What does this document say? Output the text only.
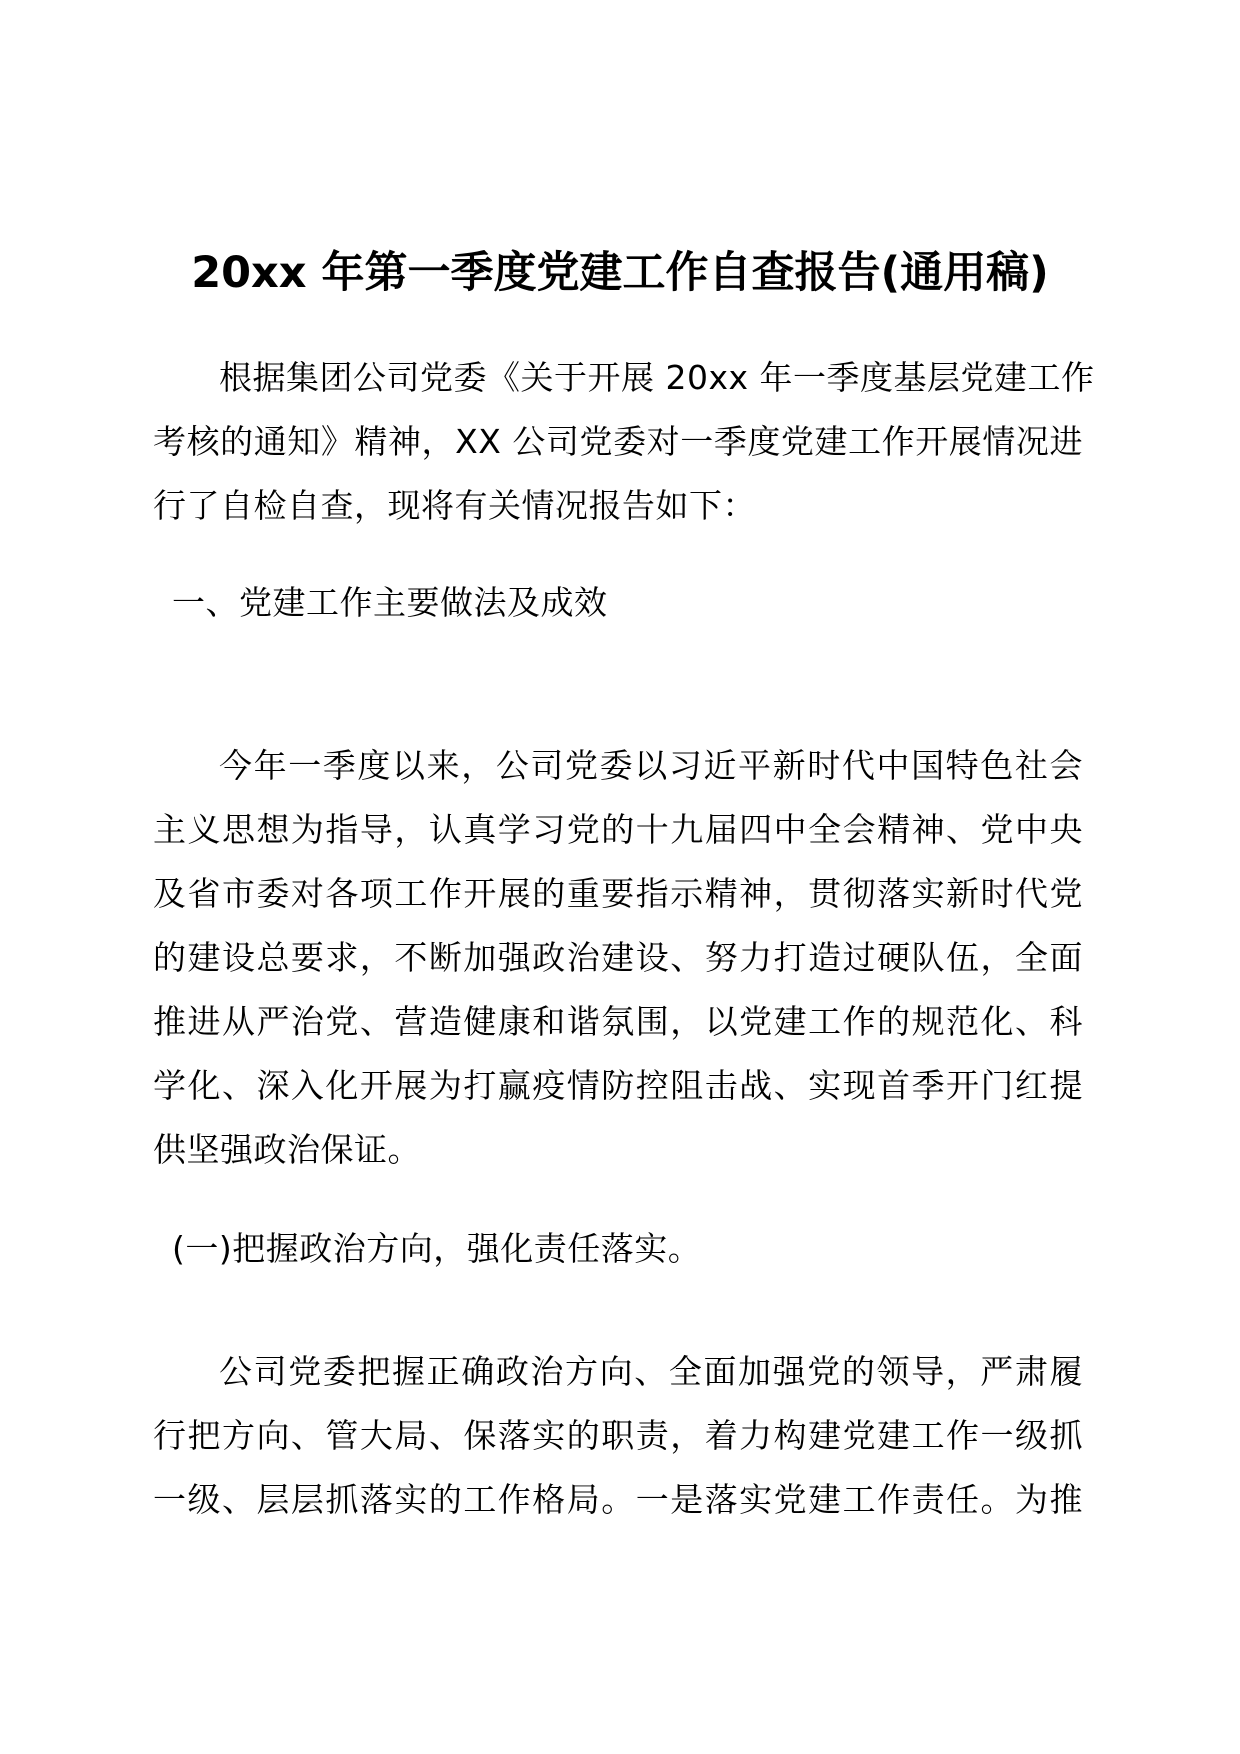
20xx 年第一季度党建工作自查报告(通用稿)
根据集团公司党委《关于开展 20xx 年一季度基层党建工作
考核的通知》精神，XX 公司党委对一季度党建工作开展情况进
行了自检自查，现将有关情况报告如下：
一、党建工作主要做法及成效
今年一季度以来，公司党委以习近平新时代中国特色社会
主义思想为指导，认真学习党的十九届四中全会精神、党中央
及省市委对各项工作开展的重要指示精神，贯彻落实新时代党
的建设总要求，不断加强政治建设、努力打造过硬队伍，全面
推进从严治党、营造健康和谐氛围，以党建工作的规范化、科
学化、深入化开展为打赢疫情防控阻击战、实现首季开门红提
供坚强政治保证。
(一)把握政治方向，强化责任落实。
公司党委把握正确政治方向、全面加强党的领导，严肃履
行把方向、管大局、保落实的职责，着力构建党建工作一级抓
一级、层层抓落实的工作格局。一是落实党建工作责任。为推
